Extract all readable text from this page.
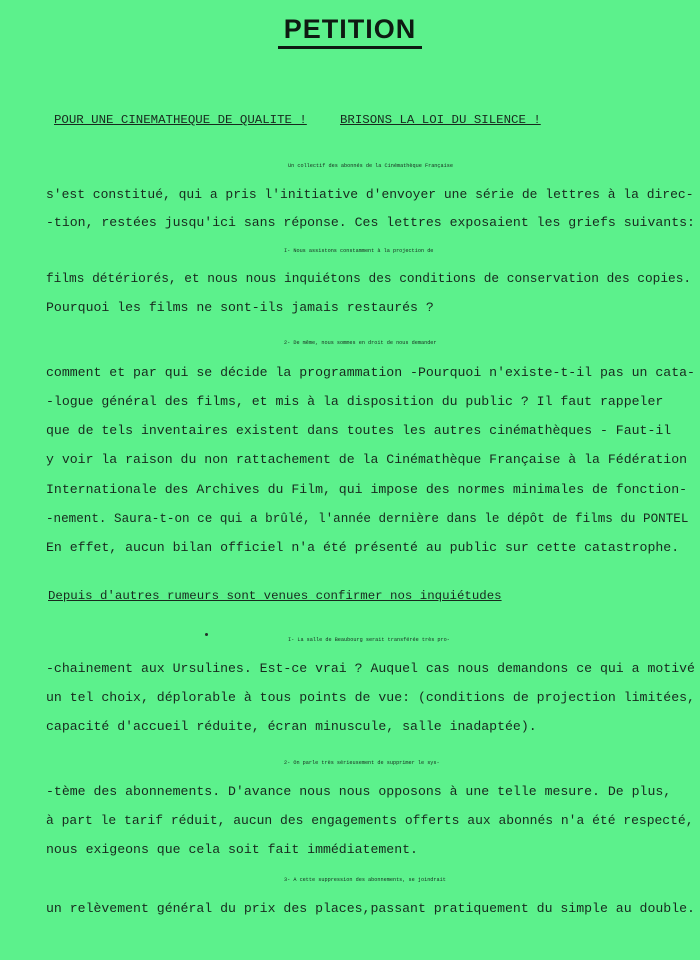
PETITION
POUR UNE CINEMATHEQUE DE QUALITE !	BRISONS LA LOI DU SILENCE !
Un collectif des abonnés de la Cinémathèque Française
s'est constitué, qui a pris l'initiative d'envoyer une série de lettres à la direc-
-tion, restées jusqu'ici sans réponse. Ces lettres exposaient les griefs suivants:
I- Nous assistons constamment à la projection de
films détériorés, et nous nous inquiétons des conditions de conservation des copies.
Pourquoi les films ne sont-ils jamais restaurés ?
2- De même, nous sommes en droit de nous demander
comment et par qui se décide la programmation -Pourquoi n'existe-t-il pas un cata-
-logue général des films, et mis à la disposition du public ? Il faut rappeler
que de tels inventaires existent dans toutes les autres cinémathèques - Faut-il
y voir la raison du non rattachement de la Cinémathèque Française à la Fédération
Internationale des Archives du Film, qui impose des normes minimales de fonction-
-nement. Saura-t-on ce qui a brûlé, l'année dernière dans le dépôt de films du PONTEL
En effet, aucun bilan officiel n'a été présenté au public sur cette catastrophe.
Depuis d'autres rumeurs sont venues confirmer nos inquiétudes
I- La salle de Beaubourg serait transférée très pro-
-chainement aux Ursulines. Est-ce vrai ? Auquel cas nous demandons ce qui a motivé
un tel choix, déplorable à tous points de vue: (conditions de projection limitées,
capacité d'accueil réduite, écran minuscule, salle inadaptée).
2- On parle très sérieusement de supprimer le sys-
-tème des abonnements. D'avance nous nous opposons à une telle mesure. De plus,
à part le tarif réduit, aucun des engagements offerts aux abonnés n'a été respecté,
nous exigeons que cela soit fait immédiatement.
3- A cette suppression des abonnements, se joindrait
un relèvement général du prix des places,passant pratiquement du simple au double.
